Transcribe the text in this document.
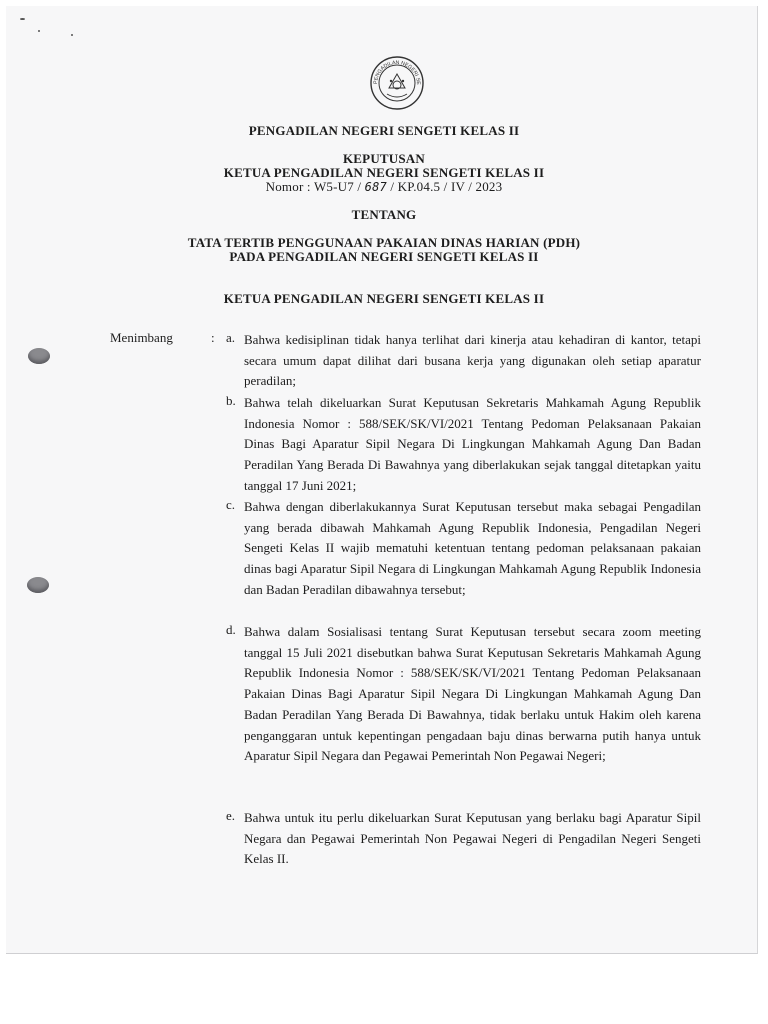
PENGADILAN NEGERI SE
PENGADILAN NEGERI SENGETI KELAS II
KEPUTUSAN
KETUA PENGADILAN NEGERI SENGETI KELAS II
Nomor : W5-U7 / 687 / KP.04.5 / IV / 2023
TENTANG
TATA TERTIB PENGGUNAAN PAKAIAN DINAS HARIAN (PDH)
PADA PENGADILAN NEGERI SENGETI KELAS II
KETUA PENGADILAN NEGERI SENGETI KELAS II
Menimbang	: a. Bahwa kedisiplinan tidak hanya terlihat dari kinerja atau kehadiran di kantor, tetapi secara umum dapat dilihat dari busana kerja yang digunakan oleh setiap aparatur peradilan;
b. Bahwa telah dikeluarkan Surat Keputusan Sekretaris Mahkamah Agung Republik Indonesia Nomor : 588/SEK/SK/VI/2021 Tentang Pedoman Pelaksanaan Pakaian Dinas Bagi Aparatur Sipil Negara Di Lingkungan Mahkamah Agung Dan Badan Peradilan Yang Berada Di Bawahnya yang diberlakukan sejak tanggal ditetapkan yaitu tanggal 17 Juni 2021;
c. Bahwa dengan diberlakukannya Surat Keputusan tersebut maka sebagai Pengadilan yang berada dibawah Mahkamah Agung Republik Indonesia, Pengadilan Negeri Sengeti Kelas II wajib mematuhi ketentuan tentang pedoman pelaksanaan pakaian dinas bagi Aparatur Sipil Negara di Lingkungan Mahkamah Agung Republik Indonesia dan Badan Peradilan dibawahnya tersebut;
d. Bahwa dalam Sosialisasi tentang Surat Keputusan tersebut secara zoom meeting tanggal 15 Juli 2021 disebutkan bahwa Surat Keputusan Sekretaris Mahkamah Agung Republik Indonesia Nomor : 588/SEK/SK/VI/2021 Tentang Pedoman Pelaksanaan Pakaian Dinas Bagi Aparatur Sipil Negara Di Lingkungan Mahkamah Agung Dan Badan Peradilan Yang Berada Di Bawahnya, tidak berlaku untuk Hakim oleh karena penganggaran untuk kepentingan pengadaan baju dinas berwarna putih hanya untuk Aparatur Sipil Negara dan Pegawai Pemerintah Non Pegawai Negeri;
e. Bahwa untuk itu perlu dikeluarkan Surat Keputusan yang berlaku bagi Aparatur Sipil Negara dan Pegawai Pemerintah Non Pegawai Negeri di Pengadilan Negeri Sengeti Kelas II.
